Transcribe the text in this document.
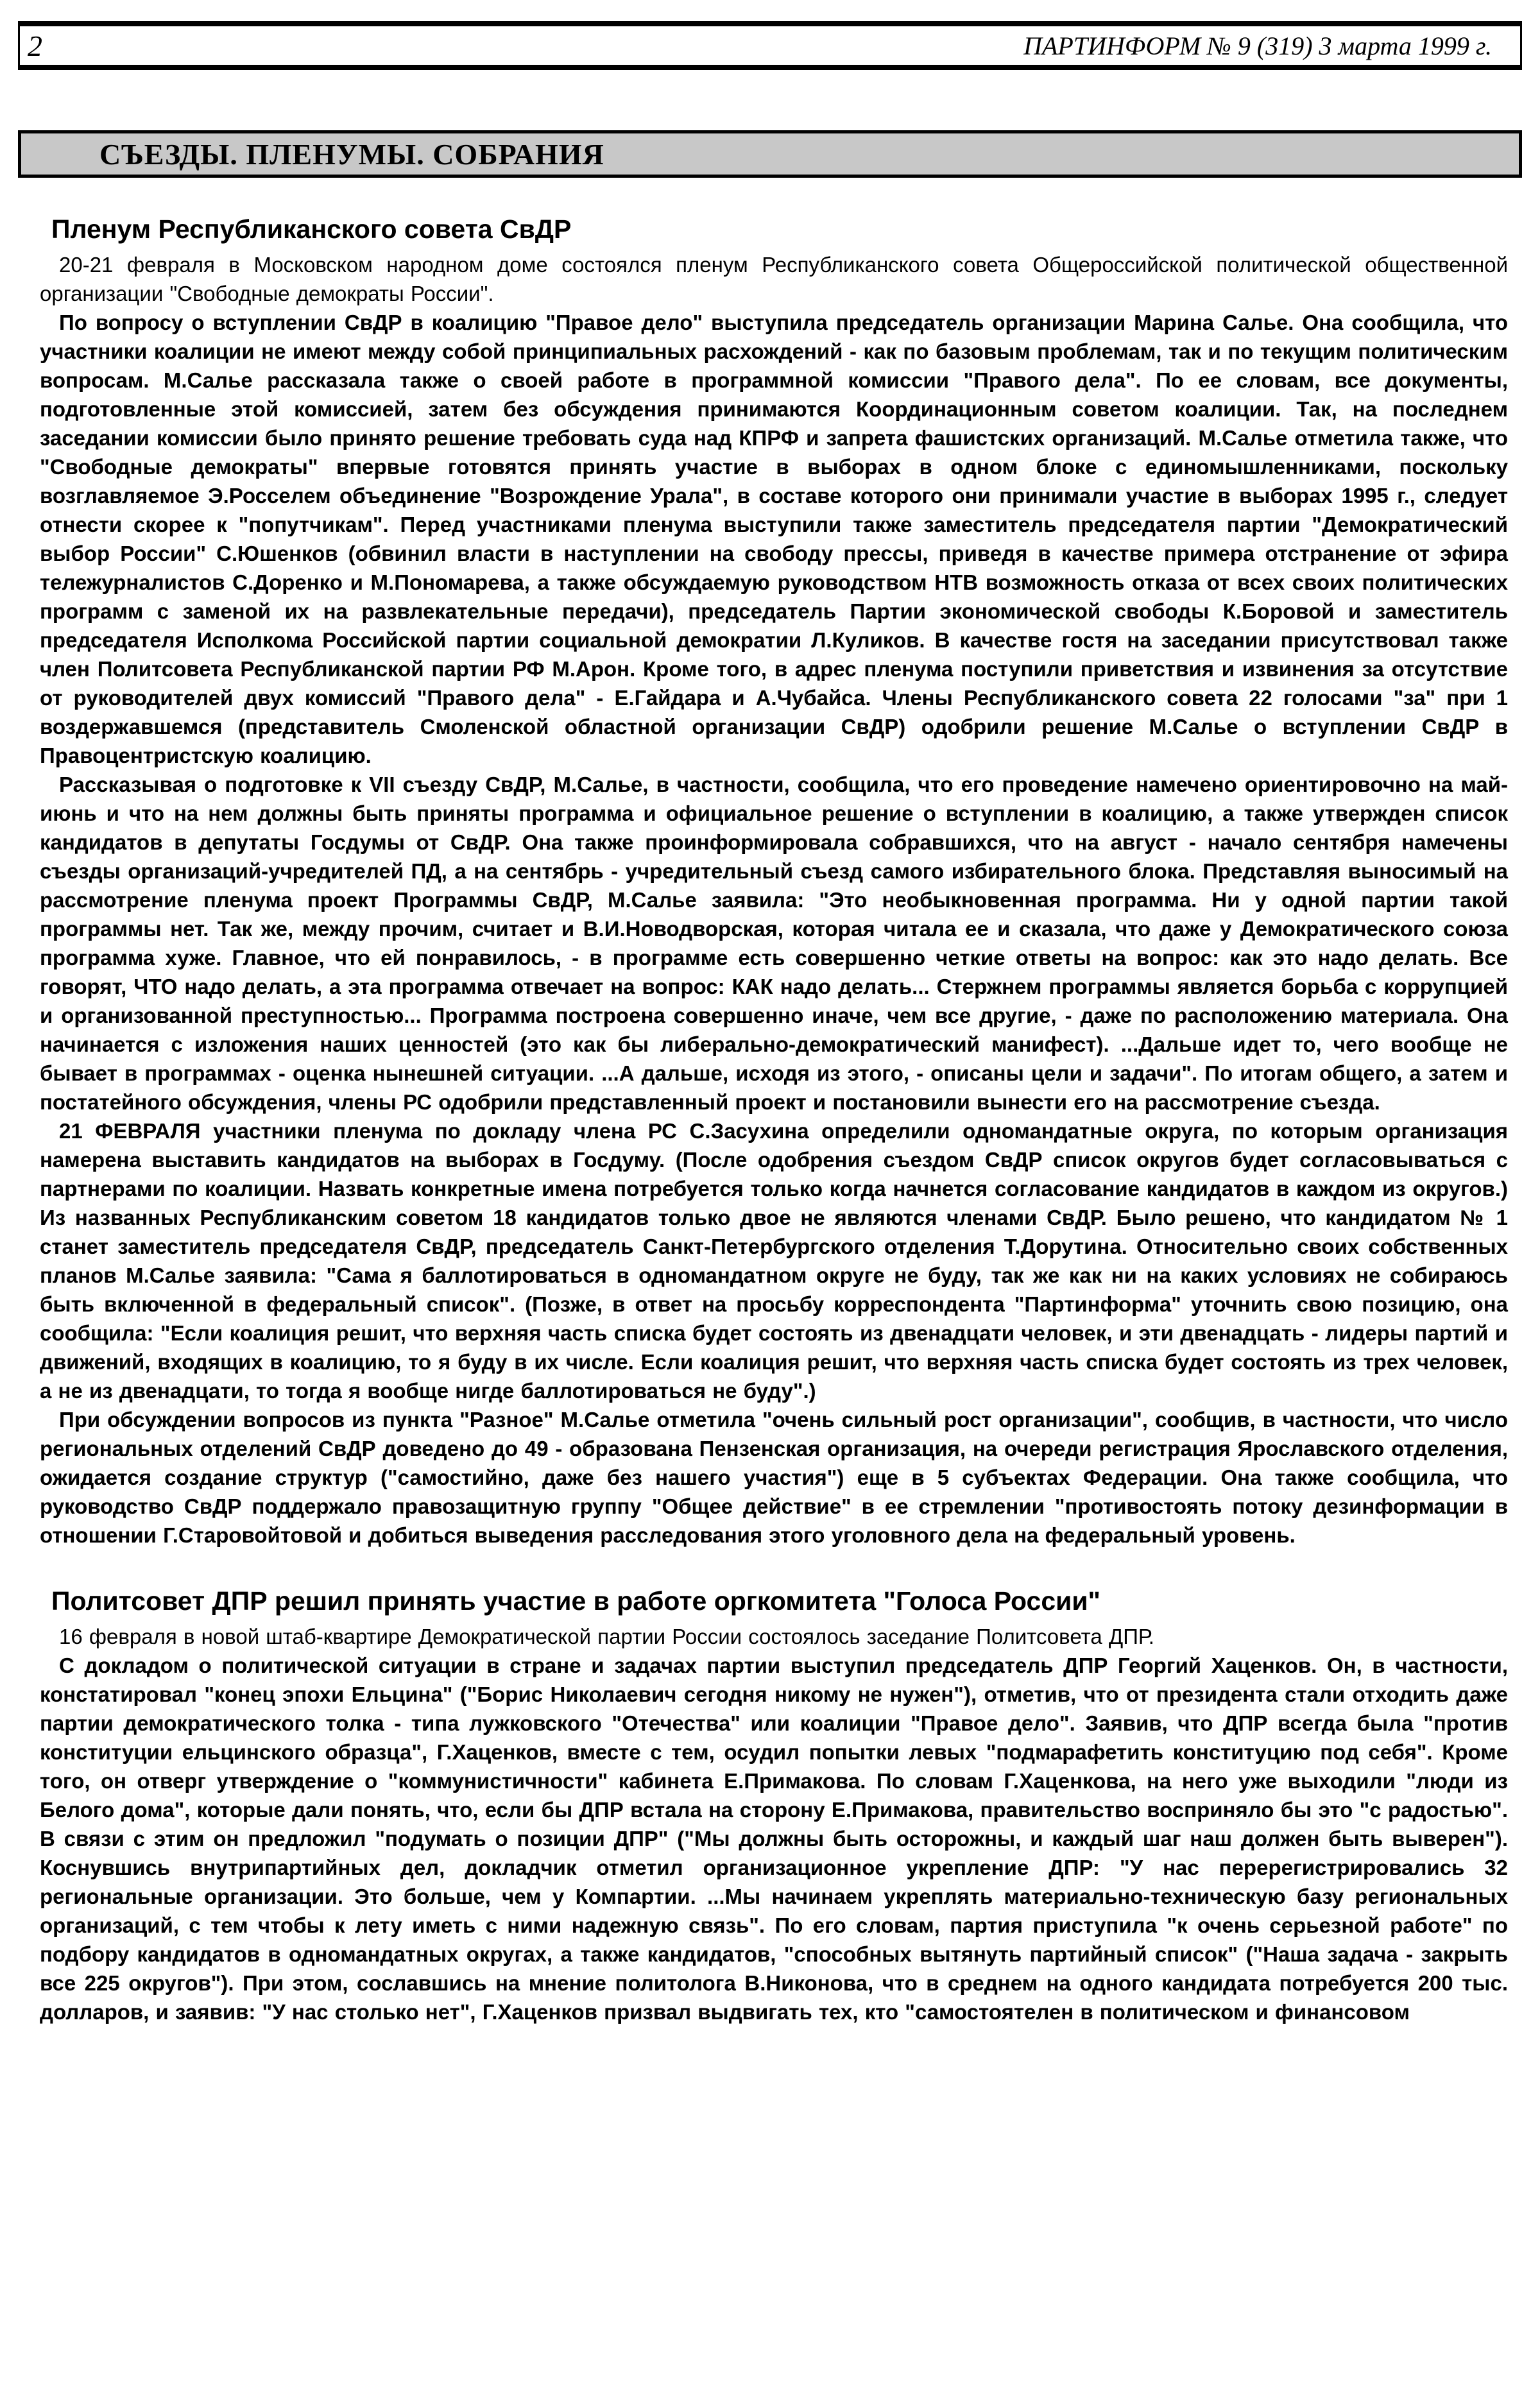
2	ПАРТИНФОРМ № 9 (319) 3 марта 1999 г.
СЪЕЗДЫ. ПЛЕНУМЫ. СОБРАНИЯ
Пленум Республиканского совета СвДР

20-21 февраля в Московском народном доме состоялся пленум Республиканского совета Общероссийской политической общественной организации "Свободные демократы России".

По вопросу о вступлении СвДР в коалицию "Правое дело" выступила председатель организации Марина Салье. Она сообщила, что участники коалиции не имеют между собой принципиальных расхождений - как по базовым проблемам, так и по текущим политическим вопросам. М.Салье рассказала также о своей работе в программной комиссии "Правого дела". По ее словам, все документы, подготовленные этой комиссией, затем без обсуждения принимаются Координационным советом коалиции. Так, на последнем заседании комиссии было принято решение требовать суда над КПРФ и запрета фашистских организаций. М.Салье отметила также, что "Свободные демократы" впервые готовятся принять участие в выборах в одном блоке с единомышленниками, поскольку возглавляемое Э.Росселем объединение "Возрождение Урала", в составе которого они принимали участие в выборах 1995 г., следует отнести скорее к "попутчикам". Перед участниками пленума выступили также заместитель председателя партии "Демократический выбор России" С.Юшенков (обвинил власти в наступлении на свободу прессы, приведя в качестве примера отстранение от эфира тележурналистов С.Доренко и М.Пономарева, а также обсуждаемую руководством НТВ возможность отказа от всех своих политических программ с заменой их на развлекательные передачи), председатель Партии экономической свободы К.Боровой и заместитель председателя Исполкома Российской партии социальной демократии Л.Куликов. В качестве гостя на заседании присутствовал также член Политсовета Республиканской партии РФ М.Арон. Кроме того, в адрес пленума поступили приветствия и извинения за отсутствие от руководителей двух комиссий "Правого дела" - Е.Гайдара и А.Чубайса. Члены Республиканского совета 22 голосами "за" при 1 воздержавшемся (представитель Смоленской областной организации СвДР) одобрили решение М.Салье о вступлении СвДР в Правоцентристскую коалицию.

Рассказывая о подготовке к VII съезду СвДР, М.Салье, в частности, сообщила, что его проведение намечено ориентировочно на май-июнь и что на нем должны быть приняты программа и официальное решение о вступлении в коалицию, а также утвержден список кандидатов в депутаты Госдумы от СвДР. Она также проинформировала собравшихся, что на август - начало сентября намечены съезды организаций-учредителей ПД, а на сентябрь - учредительный съезд самого избирательного блока. Представляя выносимый на рассмотрение пленума проект Программы СвДР, М.Салье заявила: "Это необыкновенная программа. Ни у одной партии такой программы нет. Так же, между прочим, считает и В.И.Новодворская, которая читала ее и сказала, что даже у Демократического союза программа хуже. Главное, что ей понравилось, - в программе есть совершенно четкие ответы на вопрос: как это надо делать. Все говорят, ЧТО надо делать, а эта программа отвечает на вопрос: КАК надо делать... Стержнем программы является борьба с коррупцией и организованной преступностью... Программа построена совершенно иначе, чем все другие, - даже по расположению материала. Она начинается с изложения наших ценностей (это как бы либерально-демократический манифест). ...Дальше идет то, чего вообще не бывает в программах - оценка нынешней ситуации. ...А дальше, исходя из этого, - описаны цели и задачи". По итогам общего, а затем и постатейного обсуждения, члены РС одобрили представленный проект и постановили вынести его на рассмотрение съезда.

21 ФЕВРАЛЯ участники пленума по докладу члена РС С.Засухина определили одномандатные округа, по которым организация намерена выставить кандидатов на выборах в Госдуму. (После одобрения съездом СвДР список округов будет согласовываться с партнерами по коалиции. Назвать конкретные имена потребуется только когда начнется согласование кандидатов в каждом из округов.) Из названных Республиканским советом 18 кандидатов только двое не являются членами СвДР. Было решено, что кандидатом № 1 станет заместитель председателя СвДР, председатель Санкт-Петербургского отделения Т.Дорутина. Относительно своих собственных планов М.Салье заявила: "Сама я баллотироваться в одномандатном округе не буду, так же как ни на каких условиях не собираюсь быть включенной в федеральный список". (Позже, в ответ на просьбу корреспондента "Партинформа" уточнить свою позицию, она сообщила: "Если коалиция решит, что верхняя часть списка будет состоять из двенадцати человек, и эти двенадцать - лидеры партий и движений, входящих в коалицию, то я буду в их числе. Если коалиция решит, что верхняя часть списка будет состоять из трех человек, а не из двенадцати, то тогда я вообще нигде баллотироваться не буду".)

При обсуждении вопросов из пункта "Разное" М.Салье отметила "очень сильный рост организации", сообщив, в частности, что число региональных отделений СвДР доведено до 49 - образована Пензенская организация, на очереди регистрация Ярославского отделения, ожидается создание структур ("самостийно, даже без нашего участия") еще в 5 субъектах Федерации. Она также сообщила, что руководство СвДР поддержало правозащитную группу "Общее действие" в ее стремлении "противостоять потоку дезинформации в отношении Г.Старовойтовой и добиться выведения расследования этого уголовного дела на федеральный уровень.

Политсовет ДПР решил принять участие в работе оргкомитета "Голоса России"

16 февраля в новой штаб-квартире Демократической партии России состоялось заседание Политсовета ДПР.

С докладом о политической ситуации в стране и задачах партии выступил председатель ДПР Георгий Хаценков. Он, в частности, констатировал "конец эпохи Ельцина" ("Борис Николаевич сегодня никому не нужен"), отметив, что от президента стали отходить даже партии демократического толка - типа лужковского "Отечества" или коалиции "Правое дело". Заявив, что ДПР всегда была "против конституции ельцинского образца", Г.Хаценков, вместе с тем, осудил попытки левых "подмарафетить конституцию под себя". Кроме того, он отверг утверждение о "коммунистичности" кабинета Е.Примакова. По словам Г.Хаценкова, на него уже выходили "люди из Белого дома", которые дали понять, что, если бы ДПР встала на сторону Е.Примакова, правительство восприняло бы это "с радостью". В связи с этим он предложил "подумать о позиции ДПР" ("Мы должны быть осторожны, и каждый шаг наш должен быть выверен"). Коснувшись внутрипартийных дел, докладчик отметил организационное укрепление ДПР: "У нас перерегистрировались 32 региональные организации. Это больше, чем у Компартии. ...Мы начинаем укреплять материально-техническую базу региональных организаций, с тем чтобы к лету иметь с ними надежную связь". По его словам, партия приступила "к очень серьезной работе" по подбору кандидатов в одномандатных округах, а также кандидатов, "способных вытянуть партийный список" ("Наша задача - закрыть все 225 округов"). При этом, сославшись на мнение политолога В.Никонова, что в среднем на одного кандидата потребуется 200 тыс. долларов, и заявив: "У нас столько нет", Г.Хаценков призвал выдвигать тех, кто "самостоятелен в политическом и финансовом
